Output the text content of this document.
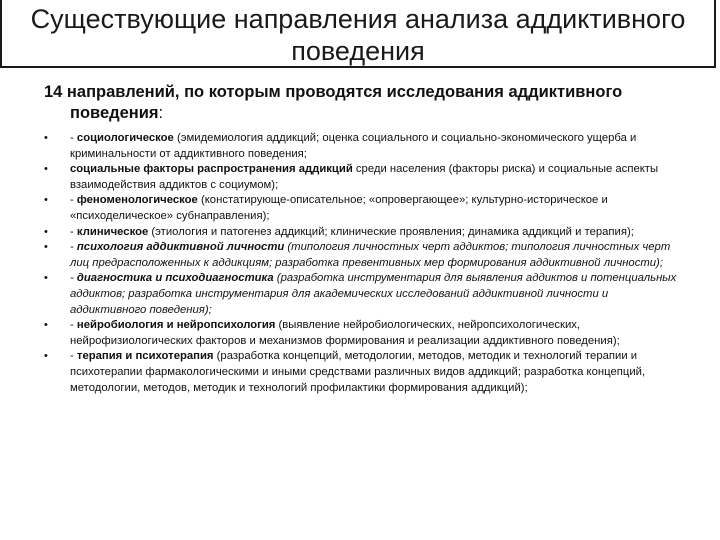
Существующие направления анализа аддиктивного
поведения
14 направлений, по которым проводятся исследования аддиктивного
поведения:
• - социологическое (эмидемиология аддикций; оценка социального и социально-экономического ущерба и криминальности от аддиктивного поведения;
• социальные факторы распространения аддикций среди населения (факторы риска) и социальные аспекты взаимодействия аддиктов с социумом);
• - феноменологическое (констатирующе-описательное; «опровергающее»; культурно-историческое и «психоделическое» субнаправления);
• - клиническое (этиология и патогенез аддикций; клинические проявления; динамика аддикций и терапия);
• - психология аддиктивной личности (типология личностных черт аддиктов; типология личностных черт лиц предрасположенных к аддикциям; разработка превентивных мер формирования аддиктивной личности);
• - диагностика и психодиагностика (разработка инструментария для выявления аддиктов и потенциальных аддиктов; разработка инструментария для академических исследований аддиктивной личности и аддиктивного поведения);
• - нейробиология и нейропсихология (выявление нейробиологических, нейропсихологических, нейрофизиологических факторов и механизмов формирования и реализации аддиктивного поведения);
• - терапия и психотерапия (разработка концепций, методологии, методов, методик и технологий терапии и психотерапии фармакологическими и иными средствами различных видов аддикций; разработка концепций, методологии, методов, методик и технологий профилактики формирования аддикций);
